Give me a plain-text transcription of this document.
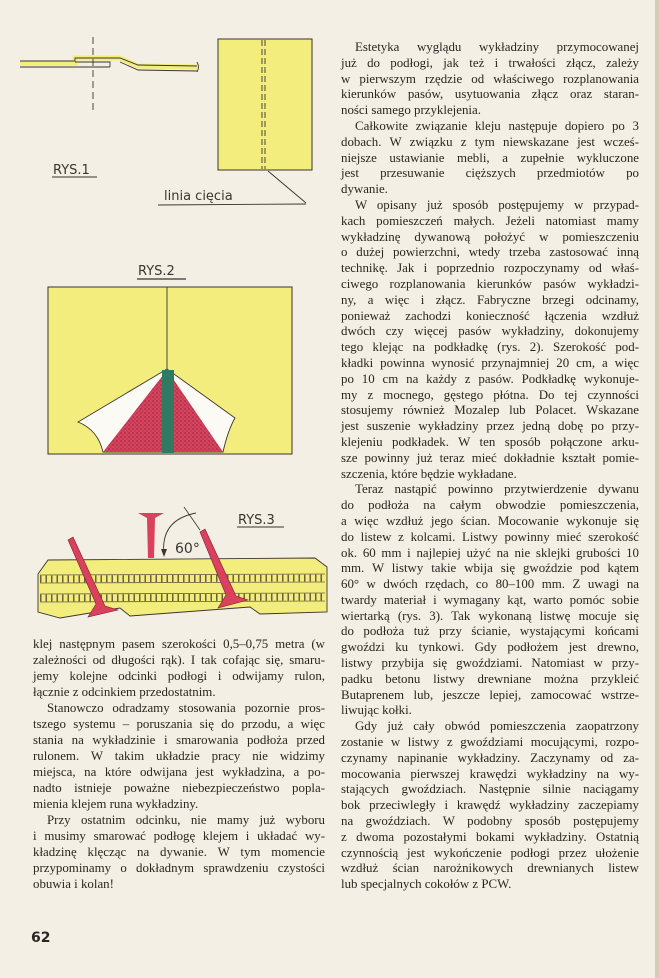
RYS.1
linia cięcia
RYS.2
RYS.3
60°
Estetyka wyglądu wykładziny przymocowanej
już do podłogi, jak też i trwałości złącz, zależy
w pierwszym rzędzie od właściwego rozplanowania
kierunków pasów, usytuowania złącz oraz staran-
ności samego przyklejenia.
Całkowite związanie kleju następuje dopiero po 3
dobach. W związku z tym niewskazane jest wcześ-
niejsze ustawianie mebli, a zupełnie wykluczone
jest przesuwanie cięższych przedmiotów po
dywanie.
W opisany już sposób postępujemy w przypad-
kach pomieszczeń małych. Jeżeli natomiast mamy
wykładzinę dywanową położyć w pomieszczeniu
o dużej powierzchni, wtedy trzeba zastosować inną
technikę. Jak i poprzednio rozpoczynamy od właś-
ciwego rozplanowania kierunków pasów wykładzi-
ny, a więc i złącz. Fabryczne brzegi odcinamy,
ponieważ zachodzi konieczność łączenia wzdłuż
dwóch czy więcej pasów wykładziny, dokonujemy
tego klejąc na podkładkę (rys. 2). Szerokość pod-
kładki powinna wynosić przynajmniej 20 cm, a więc
po 10 cm na każdy z pasów. Podkładkę wykonuje-
my z mocnego, gęstego płótna. Do tej czynności
stosujemy również Mozalep lub Polacet. Wskazane
jest suszenie wykładziny przez jedną dobę po przy-
klejeniu podkładek. W ten sposób połączone arku-
sze powinny już teraz mieć dokładnie kształt pomie-
szczenia, które będzie wykładane.
Teraz nastąpić powinno przytwierdzenie dywanu
do podłoża na całym obwodzie pomieszczenia,
a więc wzdłuż jego ścian. Mocowanie wykonuje się
do listew z kolcami. Listwy powinny mieć szerokość
ok. 60 mm i najlepiej użyć na nie sklejki grubości 10
mm. W listwy takie wbija się gwoździe pod kątem
60° w dwóch rzędach, co 80–100 mm. Z uwagi na
twardy materiał i wymagany kąt, warto pomóc sobie
wiertarką (rys. 3). Tak wykonaną listwę mocuje się
do podłoża tuż przy ścianie, wystającymi końcami
gwoździ ku tynkowi. Gdy podłożem jest drewno,
listwy przybija się gwoździami. Natomiast w przy-
padku betonu listwy drewniane można przykleić
Butaprenem lub, jeszcze lepiej, zamocować wstrze-
liwując kołki.
Gdy już cały obwód pomieszczenia zaopatrzony
zostanie w listwy z gwoździami mocującymi, rozpo-
czynamy napinanie wykładziny. Zaczynamy od za-
mocowania pierwszej krawędzi wykładziny na wy-
stających gwoździach. Następnie silnie naciągamy
bok przeciwległy i krawędź wykładziny zaczepiamy
na gwoździach. W podobny sposób postępujemy
z dwoma pozostałymi bokami wykładziny. Ostatnią
czynnością jest wykończenie podłogi przez ułożenie
wzdłuż ścian narożnikowych drewnianych listew
lub specjalnych cokołów z PCW.
klej następnym pasem szerokości 0,5–0,75 metra (w
zależności od długości rąk). I tak cofając się, smaru-
jemy kolejne odcinki podłogi i odwijamy rulon,
łącznie z odcinkiem przedostatnim.
Stanowczo odradzamy stosowania pozornie pros-
tszego systemu – poruszania się do przodu, a więc
stania na wykładzinie i smarowania podłoża przed
rulonem. W takim układzie pracy nie widzimy
miejsca, na które odwijana jest wykładzina, a po-
nadto istnieje poważne niebezpieczeństwo popla-
mienia klejem runa wykładziny.
Przy ostatnim odcinku, nie mamy już wyboru
i musimy smarować podłogę klejem i układać wy-
kładzinę klęcząc na dywanie. W tym momencie
przypominamy o dokładnym sprawdzeniu czystości
obuwia i kolan!
62
